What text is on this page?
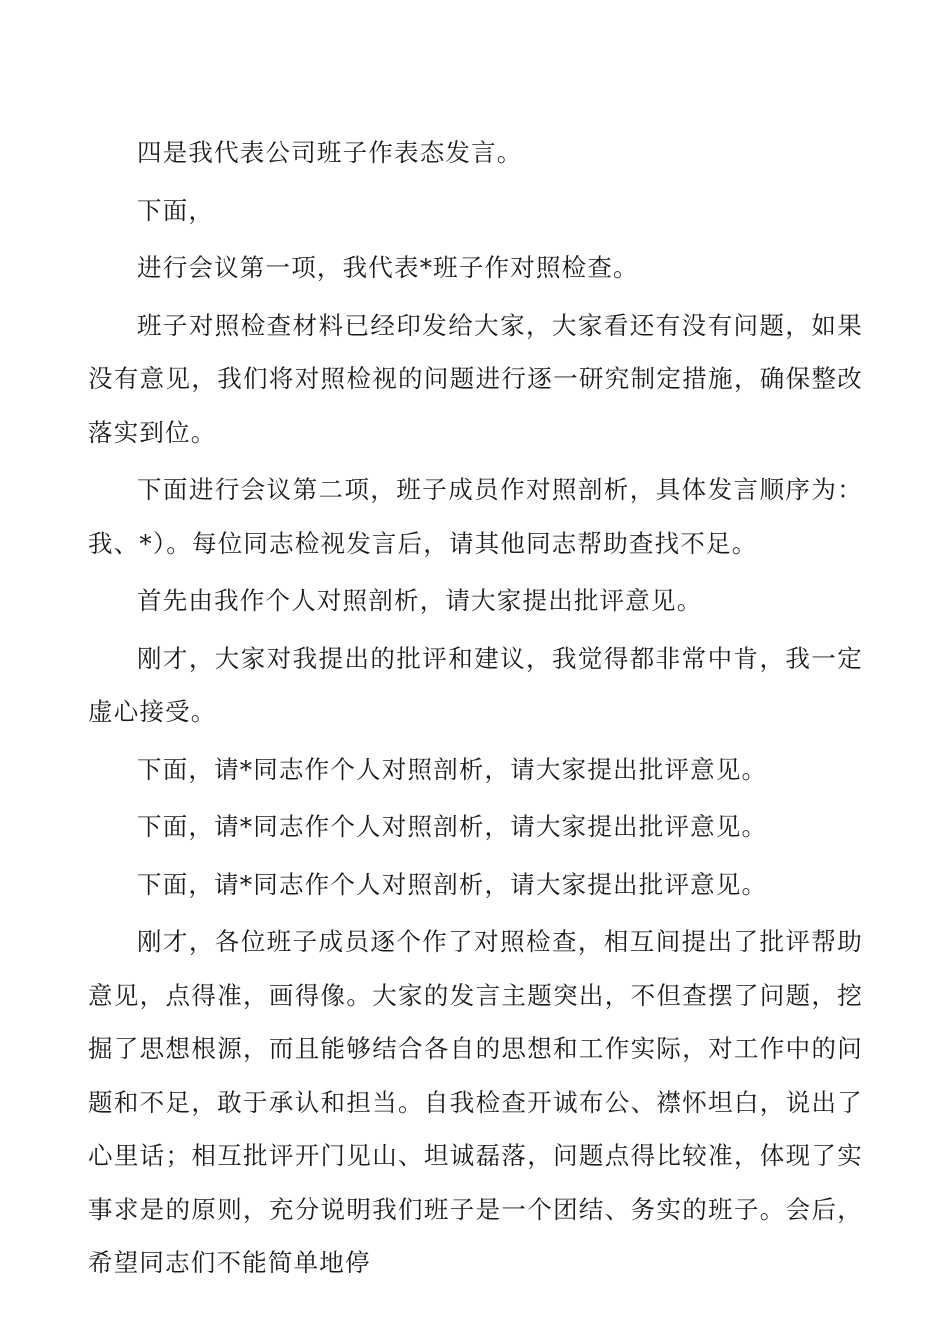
四是我代表公司班子作表态发言。

下面，

进行会议第一项，我代表*班子作对照检查。

班子对照检查材料已经印发给大家，大家看还有没有问题，如果没有意见，我们将对照检视的问题进行逐一研究制定措施，确保整改落实到位。

下面进行会议第二项，班子成员作对照剖析，具体发言顺序为：我、*）。每位同志检视发言后，请其他同志帮助查找不足。

首先由我作个人对照剖析，请大家提出批评意见。

刚才，大家对我提出的批评和建议，我觉得都非常中肯，我一定虚心接受。

下面，请*同志作个人对照剖析，请大家提出批评意见。

下面，请*同志作个人对照剖析，请大家提出批评意见。

下面，请*同志作个人对照剖析，请大家提出批评意见。

刚才，各位班子成员逐个作了对照检查，相互间提出了批评帮助意见，点得准，画得像。大家的发言主题突出，不但查摆了问题，挖掘了思想根源，而且能够结合各自的思想和工作实际，对工作中的问题和不足，敢于承认和担当。自我检查开诚布公、襟怀坦白，说出了心里话；相互批评开门见山、坦诚磊落，问题点得比较准，体现了实事求是的原则，充分说明我们班子是一个团结、务实的班子。会后，希望同志们不能简单地停
